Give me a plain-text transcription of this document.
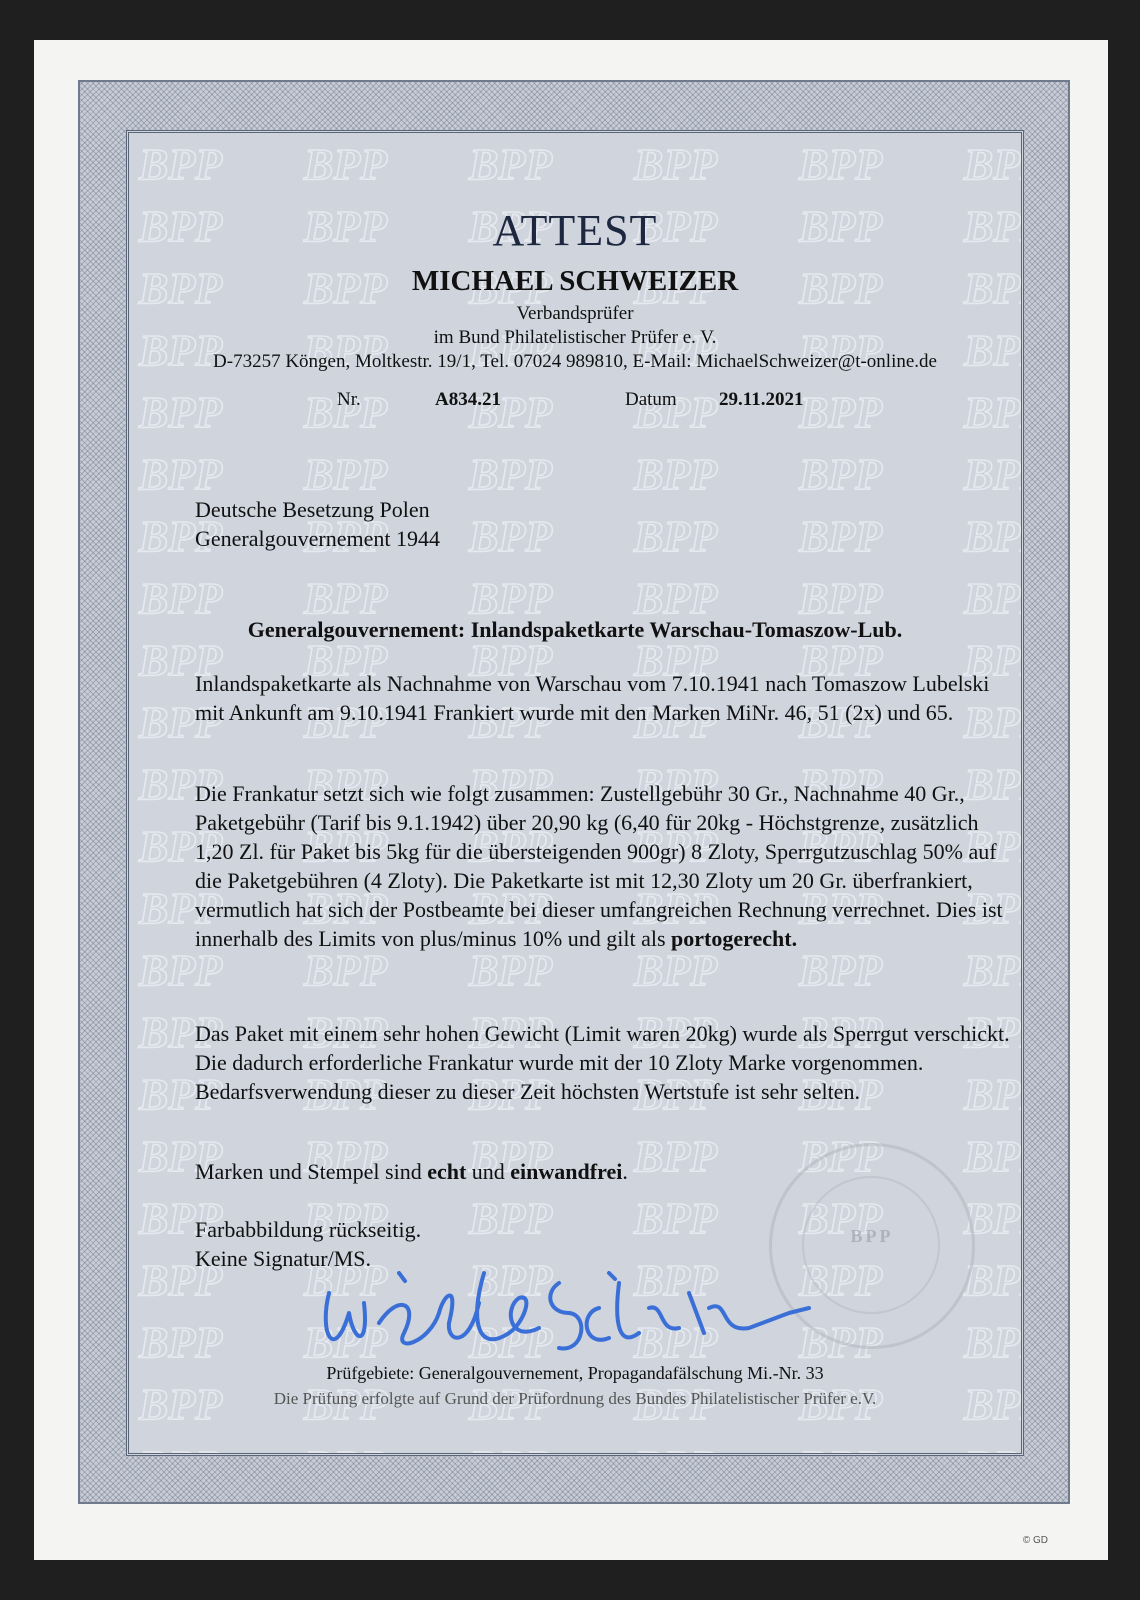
ATTEST
MICHAEL SCHWEIZER
Verbandsprüfer
im Bund Philatelistischer Prüfer e. V.
D-73257 Köngen, Moltkestr. 19/1, Tel. 07024 989810, E-Mail: MichaelSchweizer@t-online.de
Nr.	A834.21	Datum 29.11.2021
Deutsche Besetzung Polen
Generalgouvernement 1944
Generalgouvernement: Inlandspaketkarte Warschau-Tomaszow-Lub.
Inlandspaketkarte als Nachnahme von Warschau vom 7.10.1941 nach Tomaszow Lubelski mit Ankunft am 9.10.1941 Frankiert wurde mit den Marken MiNr. 46, 51 (2x) und 65.
Die Frankatur setzt sich wie folgt zusammen: Zustellgebühr 30 Gr., Nachnahme 40 Gr., Paketgebühr (Tarif bis 9.1.1942) über 20,90 kg (6,40 für 20kg - Höchstgrenze, zusätzlich 1,20 Zl. für Paket bis 5kg für die übersteigenden 900gr) 8 Zloty, Sperrgutzuschlag 50% auf die Paketgebühren (4 Zloty). Die Paketkarte ist mit 12,30 Zloty um 20 Gr. überfrankiert, vermutlich hat sich der Postbeamte bei dieser umfangreichen Rechnung verrechnet. Dies ist innerhalb des Limits von plus/minus 10% und gilt als portogerecht.
Das Paket mit einem sehr hohen Gewicht (Limit waren 20kg) wurde als Sperrgut verschickt. Die dadurch erforderliche Frankatur wurde mit der 10 Zloty Marke vorgenommen. Bedarfsverwendung dieser zu dieser Zeit höchsten Wertstufe ist sehr selten.
Marken und Stempel sind echt und einwandfrei.
Farbabbildung rückseitig.
Keine Signatur/MS.
BPP
Prüfgebiete: Generalgouvernement, Propagandafälschung Mi.-Nr. 33
Die Prüfung erfolgte auf Grund der Prüfordnung des Bundes Philatelistischer Prüfer e.V.
© GD
